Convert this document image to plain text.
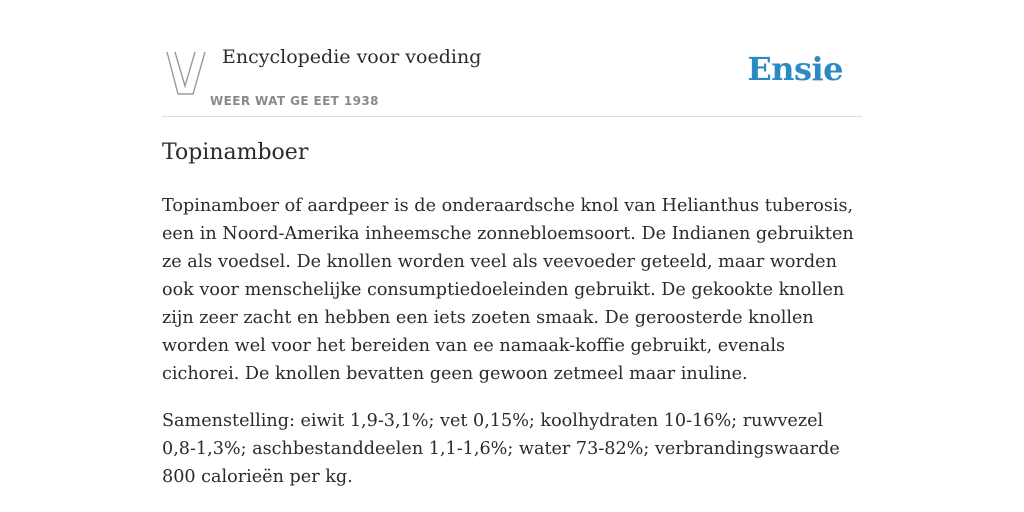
Encyclopedie voor voeding
WEER WAT GE EET 1938
Ensie
Topinamboer

Topinamboer of aardpeer is de onderaardsche knol van Helianthus tuberosis, een in Noord-Amerika inheemsche zonnebloemsoort. De Indianen gebruikten ze als voedsel. De knollen worden veel als veevoeder geteeld, maar worden ook voor menschelijke consumptiedoeleinden gebruikt. De gekookte knollen zijn zeer zacht en hebben een iets zoeten smaak. De geroosterde knollen worden wel voor het bereiden van ee namaak-koffie gebruikt, evenals cichorei. De knollen bevatten geen gewoon zetmeel maar inuline.

Samenstelling: eiwit 1,9-3,1%; vet 0,15%; koolhydraten 10-16%; ruwvezel 0,8-1,3%; aschbestanddeelen 1,1-1,6%; water 73-82%; verbrandingswaarde 800 calorieën per kg.
